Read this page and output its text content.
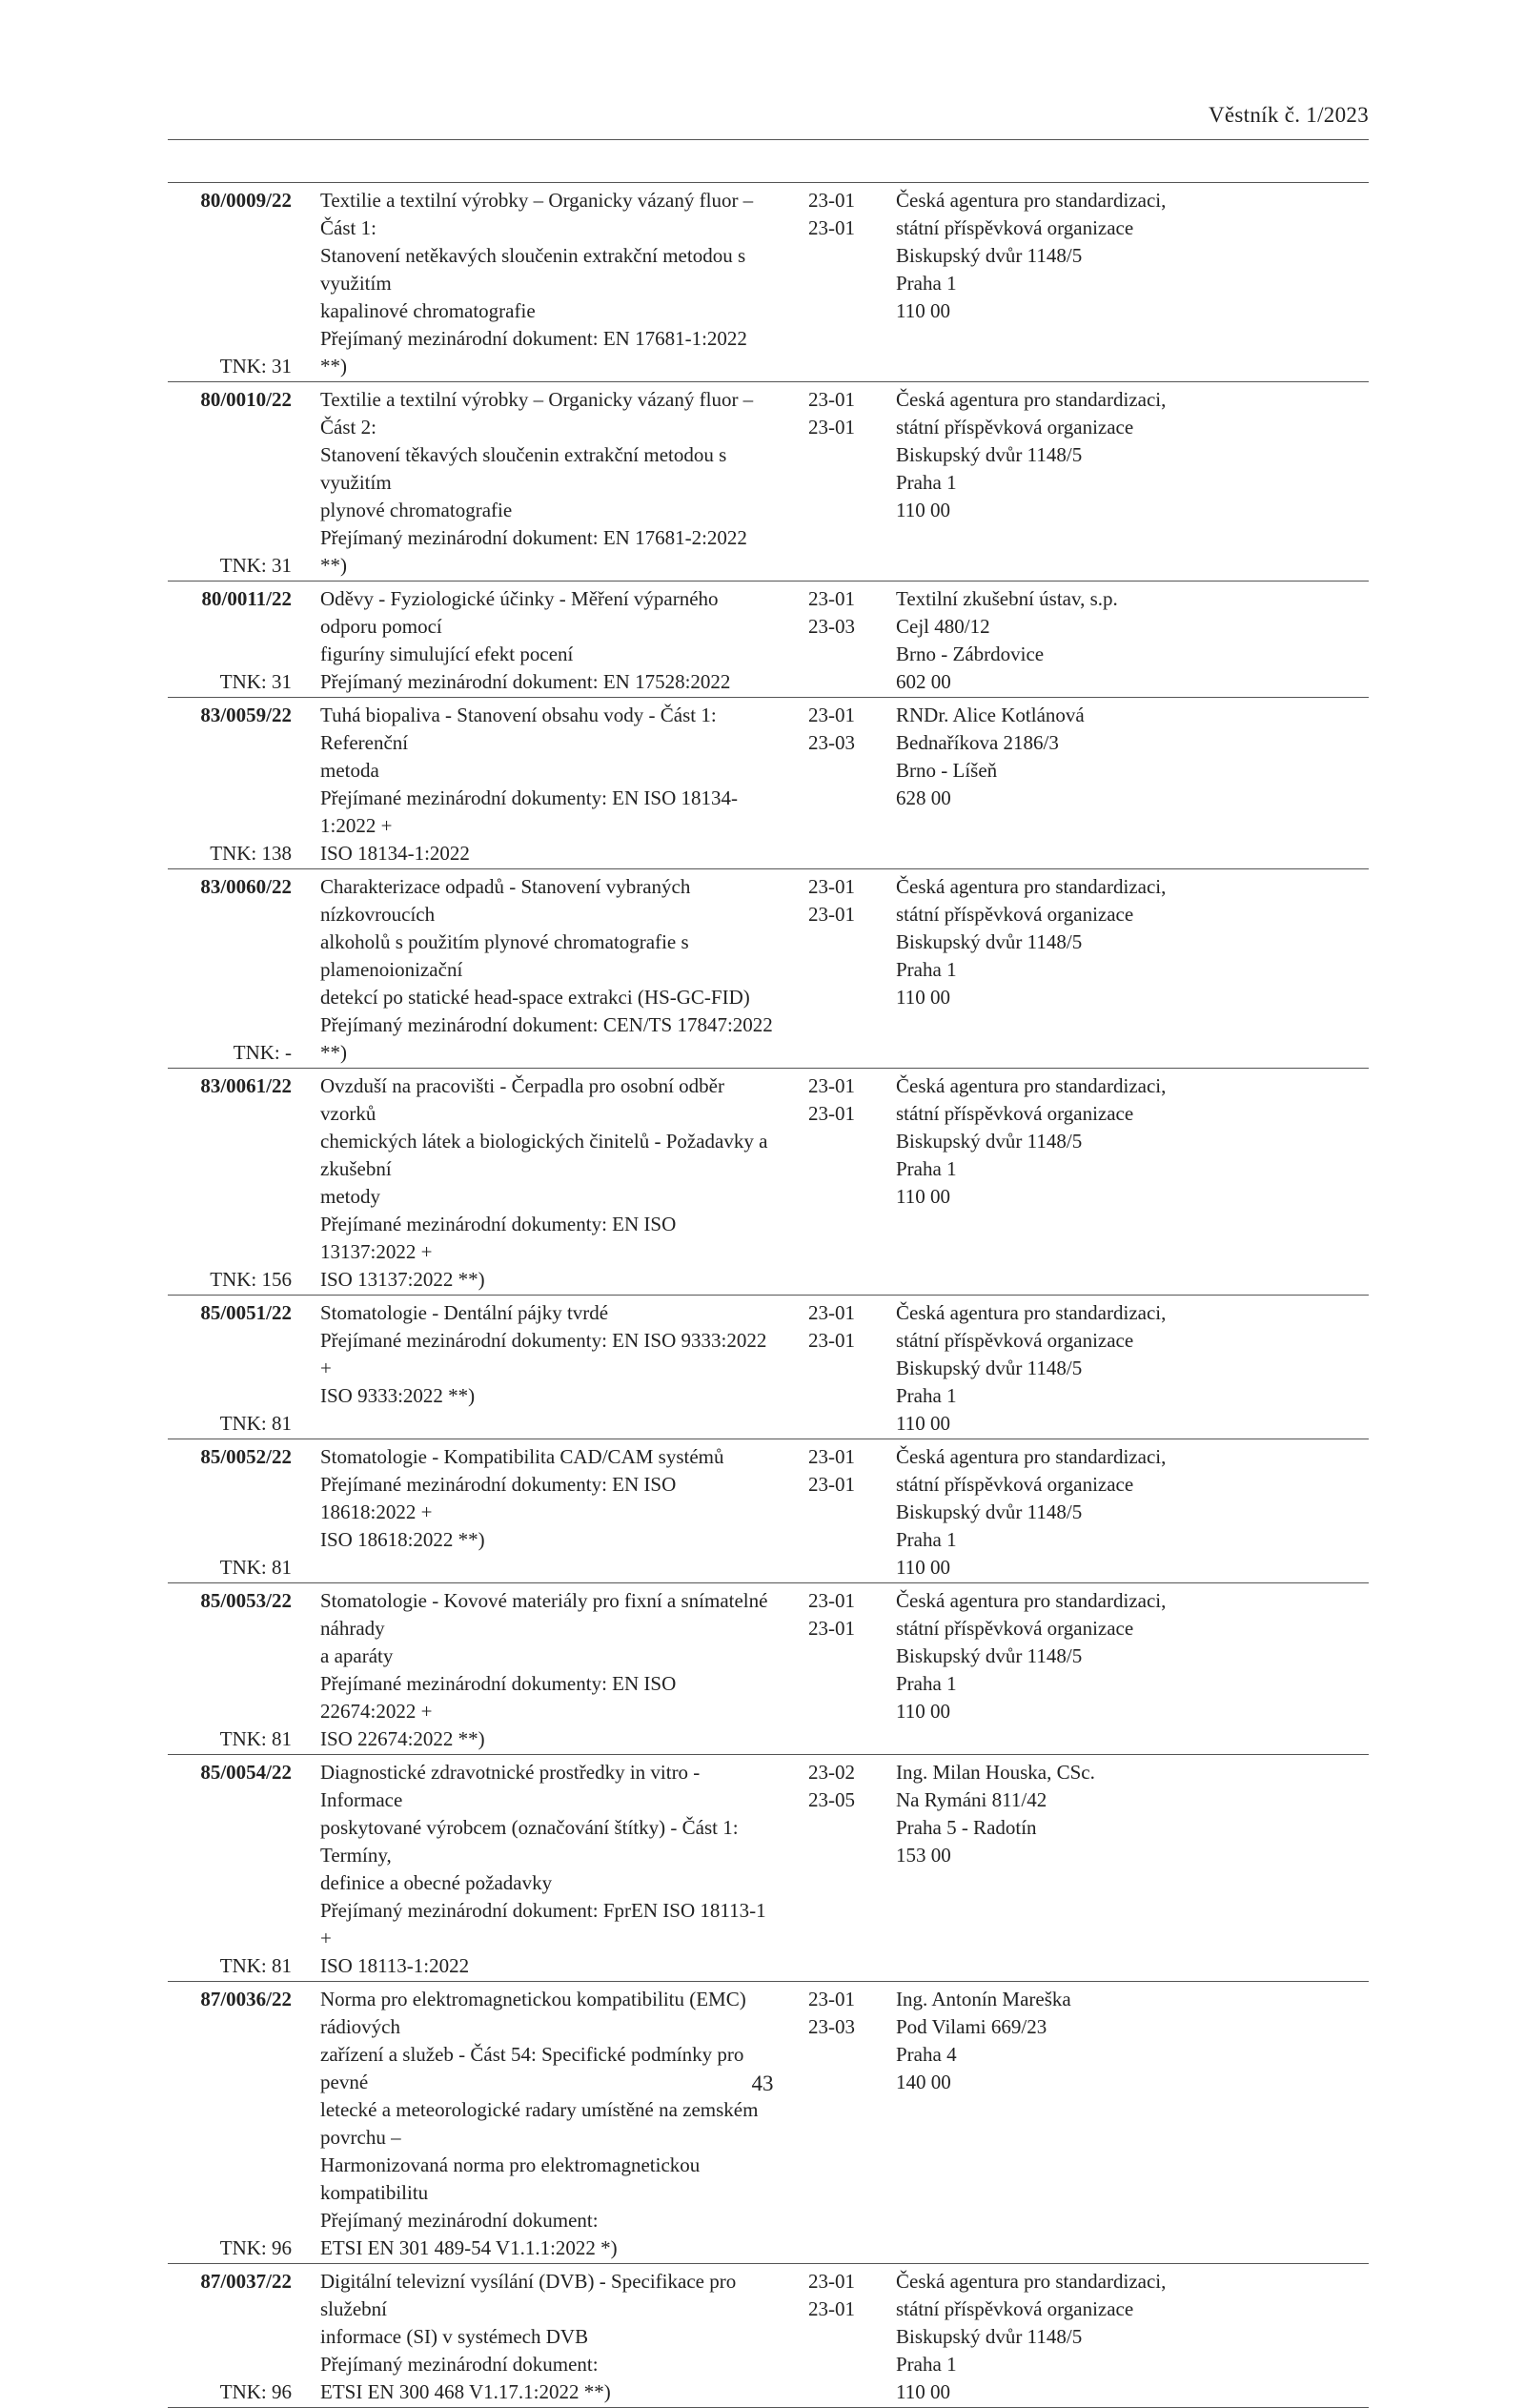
Věstník č. 1/2023
80/0009/22
TNK: 31
Textilie a textilní výrobky – Organicky vázaný fluor – Část 1:
Stanovení netěkavých sloučenin extrakční metodou s využitím
kapalinové chromatografie
Přejímaný mezinárodní dokument: EN 17681-1:2022 **)
23-01
23-01
Česká agentura pro standardizaci,
státní příspěvková organizace
Biskupský dvůr 1148/5
Praha 1
110 00
80/0010/22
TNK: 31
Textilie a textilní výrobky – Organicky vázaný fluor – Část 2:
Stanovení těkavých sloučenin extrakční metodou s využitím
plynové chromatografie
Přejímaný mezinárodní dokument: EN 17681-2:2022 **)
23-01
23-01
Česká agentura pro standardizaci,
státní příspěvková organizace
Biskupský dvůr 1148/5
Praha 1
110 00
80/0011/22
TNK: 31
Oděvy - Fyziologické účinky - Měření výparného odporu pomocí
figuríny simulující efekt pocení
Přejímaný mezinárodní dokument: EN 17528:2022
23-01
23-03
Textilní zkušební ústav, s.p.
Cejl 480/12
Brno - Zábrdovice
602 00
83/0059/22
TNK: 138
Tuhá biopaliva - Stanovení obsahu vody - Část 1: Referenční
metoda
Přejímané mezinárodní dokumenty: EN ISO 18134-1:2022 +
ISO 18134-1:2022
23-01
23-03
RNDr. Alice Kotlánová
Bednaříkova 2186/3
Brno - Líšeň
628 00
83/0060/22
TNK: -
Charakterizace odpadů - Stanovení vybraných nízkovroucích
alkoholů s použitím plynové chromatografie s plamenoionizační
detekcí po statické head-space extrakci (HS-GC-FID)
Přejímaný mezinárodní dokument: CEN/TS 17847:2022 **)
23-01
23-01
Česká agentura pro standardizaci,
státní příspěvková organizace
Biskupský dvůr 1148/5
Praha 1
110 00
83/0061/22
TNK: 156
Ovzduší na pracovišti - Čerpadla pro osobní odběr vzorků
chemických látek a biologických činitelů - Požadavky a zkušební
metody
Přejímané mezinárodní dokumenty: EN ISO 13137:2022 +
ISO 13137:2022 **)
23-01
23-01
Česká agentura pro standardizaci,
státní příspěvková organizace
Biskupský dvůr 1148/5
Praha 1
110 00
85/0051/22
TNK: 81
Stomatologie - Dentální pájky tvrdé
Přejímané mezinárodní dokumenty: EN ISO 9333:2022 +
ISO 9333:2022 **)
23-01
23-01
Česká agentura pro standardizaci,
státní příspěvková organizace
Biskupský dvůr 1148/5
Praha 1
110 00
85/0052/22
TNK: 81
Stomatologie - Kompatibilita CAD/CAM systémů
Přejímané mezinárodní dokumenty: EN ISO 18618:2022 +
ISO 18618:2022 **)
23-01
23-01
Česká agentura pro standardizaci,
státní příspěvková organizace
Biskupský dvůr 1148/5
Praha 1
110 00
85/0053/22
TNK: 81
Stomatologie - Kovové materiály pro fixní a snímatelné náhrady
a aparáty
Přejímané mezinárodní dokumenty: EN ISO 22674:2022 +
ISO 22674:2022 **)
23-01
23-01
Česká agentura pro standardizaci,
státní příspěvková organizace
Biskupský dvůr 1148/5
Praha 1
110 00
85/0054/22
TNK: 81
Diagnostické zdravotnické prostředky in vitro - Informace
poskytované výrobcem (označování štítky) - Část 1: Termíny,
definice a obecné požadavky
Přejímaný mezinárodní dokument: FprEN ISO 18113-1 +
ISO 18113-1:2022
23-02
23-05
Ing. Milan Houska, CSc.
Na Rymáni 811/42
Praha 5 - Radotín
153 00
87/0036/22
TNK: 96
Norma pro elektromagnetickou kompatibilitu (EMC) rádiových
zařízení a služeb - Část 54: Specifické podmínky pro pevné
letecké a meteorologické radary umístěné na zemském povrchu –
Harmonizovaná norma pro elektromagnetickou kompatibilitu
Přejímaný mezinárodní dokument:
ETSI EN 301 489-54 V1.1.1:2022 *)
23-01
23-03
Ing. Antonín Mareška
Pod Vilami 669/23
Praha 4
140 00
87/0037/22
TNK: 96
Digitální televizní vysílání (DVB) - Specifikace pro služební
informace (SI) v systémech DVB
Přejímaný mezinárodní dokument:
ETSI EN 300 468 V1.17.1:2022 **)
23-01
23-01
Česká agentura pro standardizaci,
státní příspěvková organizace
Biskupský dvůr 1148/5
Praha 1
110 00
43
